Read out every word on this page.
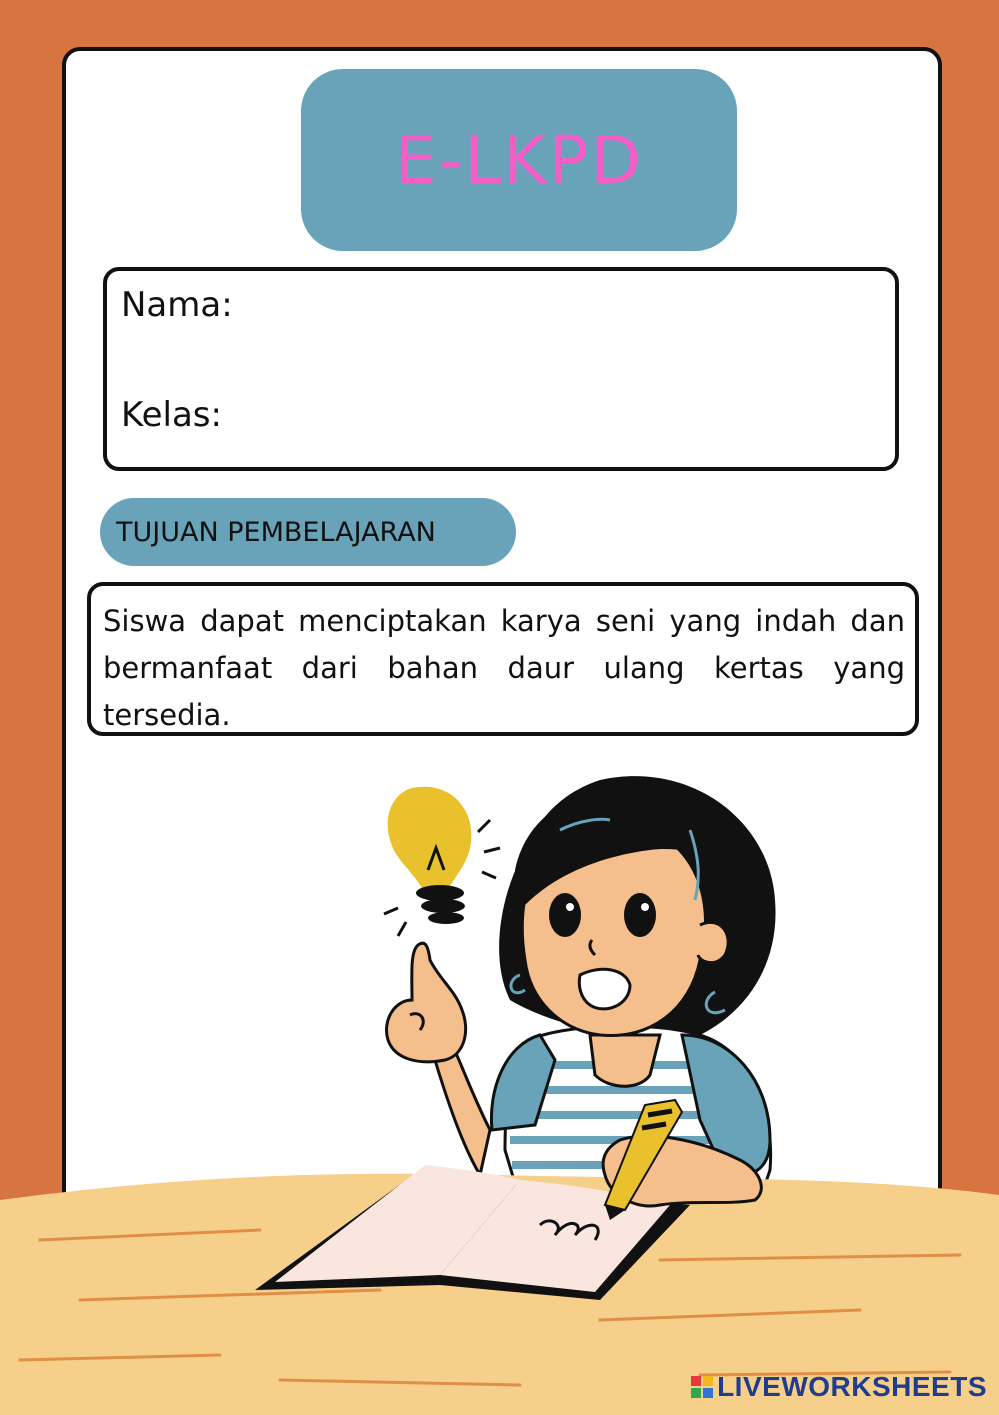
E-LKPD
Nama:
Kelas:
TUJUAN PEMBELAJARAN

Siswa dapat menciptakan karya seni yang indah dan bermanfaat dari bahan daur ulang kertas yang tersedia.

LIVEWORKSHEETS
